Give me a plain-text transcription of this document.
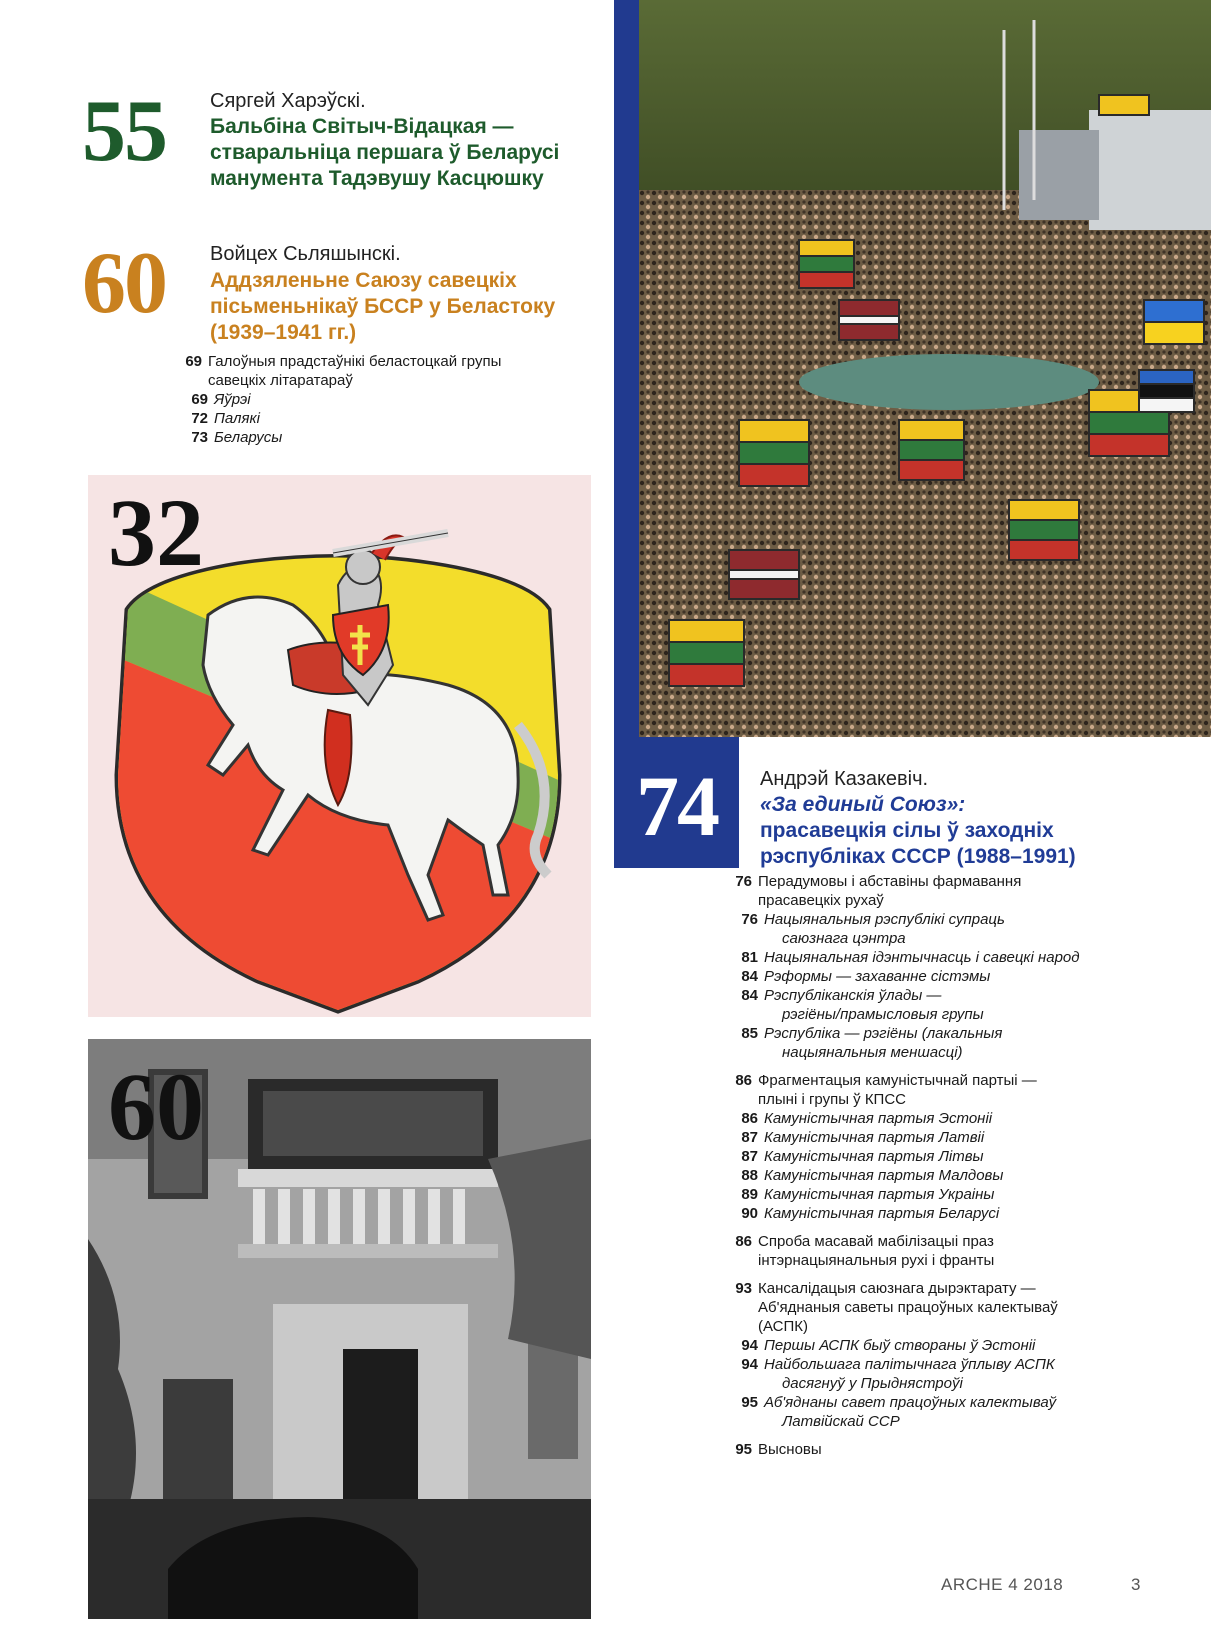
55 Сяргей Харэўскі.
Бальбіна Світыч-Відацкая —
стваральніца першага ў Беларусі
манумента Тадэвушу Касцюшку
60 Войцех Сьляшынскі.
Аддзяленьне Саюзу савецкіх
пісьменьнікаў БССР у Беластоку
(1939–1941 гг.)
69 Галоўныя прадстаўнікі беластоцкай групы савецкіх літаратараў
69 Яўрэі
72 Палякі
73 Беларусы
32
60
74 Андрэй Казакевіч.
«За единый Союз»:
прасавецкія сілы ў заходніх
рэспубліках СССР (1988–1991)
76 Перадумовы і абставіны фармавання
прасавецкіх рухаў
76 Нацыянальныя рэспублікі супраць
саюзнага цэнтра
81 Нацыянальная ідэнтычнасць і савецкі народ
84 Рэформы — захаванне сістэмы
84 Рэспубліканскія ўлады —
рэгіёны/прамысловыя групы
85 Рэспубліка — рэгіёны (лакальныя
нацыянальныя меншасці)
86 Фрагментацыя камуністычнай партыі —
плыні і групы ў КПСС
86 Камуністычная партыя Эстоніі
87 Камуністычная партыя Латвіі
87 Камуністычная партыя Літвы
88 Камуністычная партыя Малдовы
89 Камуністычная партыя Украіны
90 Камуністычная партыя Беларусі
86 Спроба масавай мабілізацыі праз
інтэрнацыянальныя рухі і франты
93 Кансалідацыя саюзнага дырэктарату —
Аб'яднаныя саветы працоўных калектываў
(АСПК)
94 Першы АСПК быў створаны ў Эстоніі
94 Найбольшага палітычнага ўплыву АСПК
дасягнуў у Прыднястроўі
95 Аб'яднаны савет працоўных калектываў
Латвійскай ССР
95 Высновы
ARCHE 4 2018	3
